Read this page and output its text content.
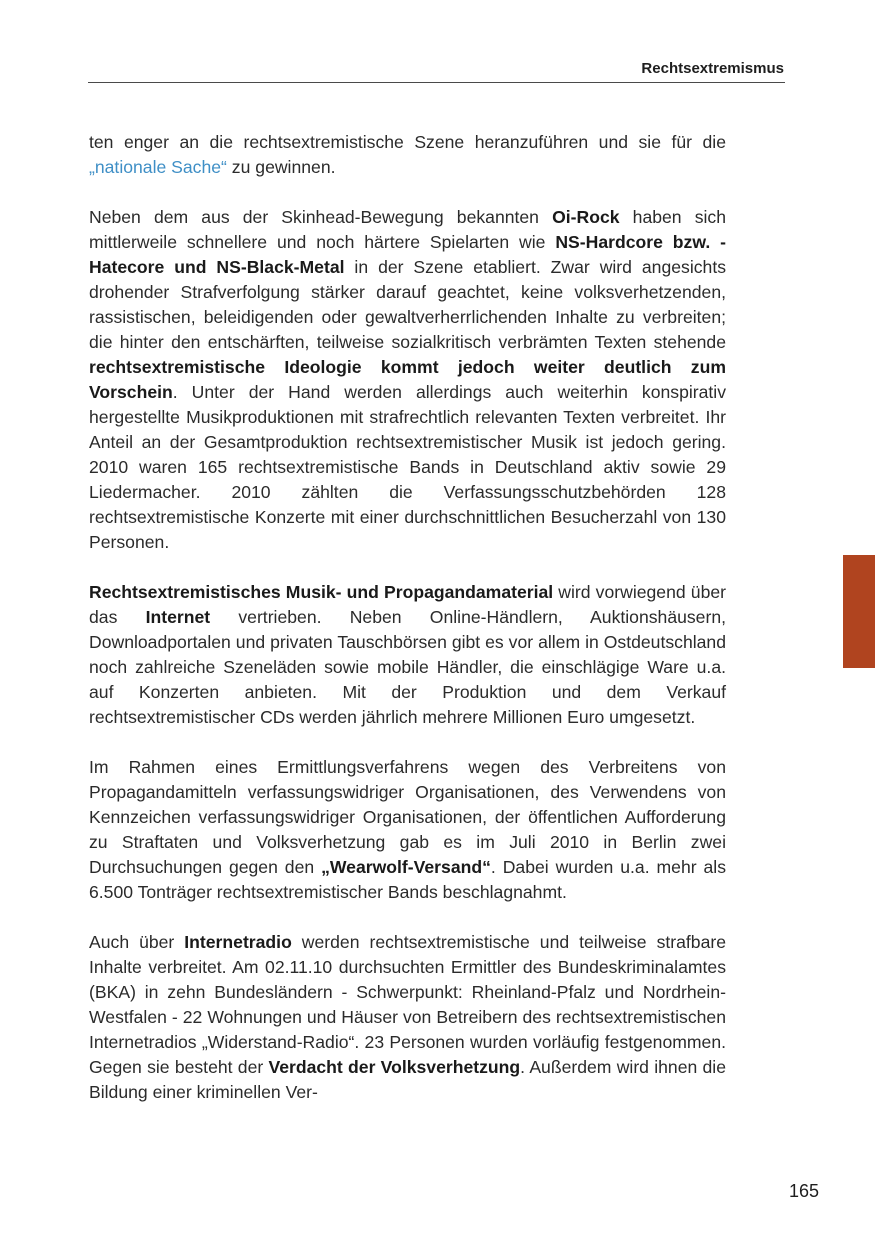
Rechtsextremismus

ten enger an die rechtsextremistische Szene heranzuführen und sie für die „nationale Sache“ zu gewinnen.

Neben dem aus der Skinhead-Bewegung bekannten Oi-Rock haben sich mittlerweile schnellere und noch härtere Spielarten wie NS-Hardcore bzw. -Hatecore und NS-Black-Metal in der Szene etabliert. Zwar wird angesichts drohender Strafverfolgung stärker darauf geachtet, keine volksverhetzenden, rassistischen, beleidigenden oder gewaltverherrlichenden Inhalte zu verbreiten; die hinter den entschärften, teilweise sozialkritisch verbrämten Texten stehende rechtsextremistische Ideologie kommt jedoch weiter deutlich zum Vorschein. Unter der Hand werden allerdings auch weiterhin konspirativ hergestellte Musikproduktionen mit strafrechtlich relevanten Texten verbreitet. Ihr Anteil an der Gesamtproduktion rechtsextremistischer Musik ist jedoch gering. 2010 waren 165 rechtsextremistische Bands in Deutschland aktiv sowie 29 Liedermacher. 2010 zählten die Verfassungsschutzbehörden 128 rechtsextremistische Konzerte mit einer durchschnittlichen Besucherzahl von 130 Personen.

Rechtsextremistisches Musik- und Propagandamaterial wird vorwiegend über das Internet vertrieben. Neben Online-Händlern, Auktionshäusern, Downloadportalen und privaten Tauschbörsen gibt es vor allem in Ostdeutschland noch zahlreiche Szeneläden sowie mobile Händler, die einschlägige Ware u.a. auf Konzerten anbieten. Mit der Produktion und dem Verkauf rechtsextremistischer CDs werden jährlich mehrere Millionen Euro umgesetzt.

Im Rahmen eines Ermittlungsverfahrens wegen des Verbreitens von Propagandamitteln verfassungswidriger Organisationen, des Verwendens von Kennzeichen verfassungswidriger Organisationen, der öffentlichen Aufforderung zu Straftaten und Volksverhetzung gab es im Juli 2010 in Berlin zwei Durchsuchungen gegen den „Wearwolf-Versand“. Dabei wurden u.a. mehr als 6.500 Tonträger rechtsextremistischer Bands beschlagnahmt.

Auch über Internetradio werden rechtsextremistische und teilweise strafbare Inhalte verbreitet. Am 02.11.10 durchsuchten Ermittler des Bundeskriminalamtes (BKA) in zehn Bundesländern - Schwerpunkt: Rheinland-Pfalz und Nordrhein-Westfalen - 22 Wohnungen und Häuser von Betreibern des rechtsextremistischen Internetradios „Widerstand-Radio“. 23 Personen wurden vorläufig festgenommen. Gegen sie besteht der Verdacht der Volksverhetzung. Außerdem wird ihnen die Bildung einer kriminellen Ver-

165
